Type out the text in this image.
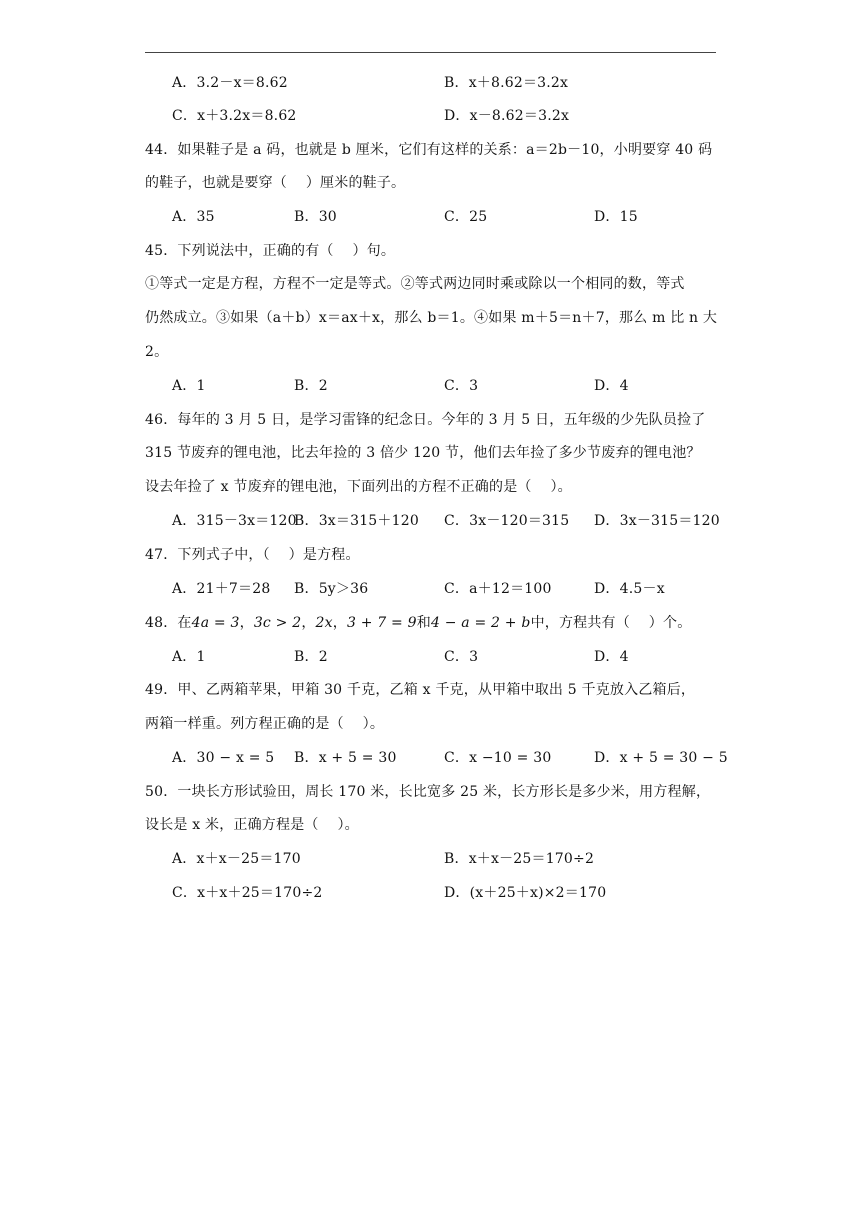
A．3.2－x＝8.62	B．x＋8.62＝3.2x
C．x＋3.2x＝8.62	D．x－8.62＝3.2x
44．如果鞋子是 a 码，也就是 b 厘米，它们有这样的关系：a＝2b－10，小明要穿 40 码
的鞋子，也就是要穿（　 ）厘米的鞋子。
A．35	B．30	C．25	D．15
45．下列说法中，正确的有（　 ）句。
①等式一定是方程，方程不一定是等式。②等式两边同时乘或除以一个相同的数，等式
仍然成立。③如果（a＋b）x＝ax＋x，那么 b＝1。④如果 m＋5＝n＋7，那么 m 比 n 大
2。
A．1	B．2	C．3	D．4
46．每年的 3 月 5 日，是学习雷锋的纪念日。今年的 3 月 5 日，五年级的少先队员捡了
315 节废弃的锂电池，比去年捡的 3 倍少 120 节，他们去年捡了多少节废弃的锂电池？
设去年捡了 x 节废弃的锂电池，下面列出的方程不正确的是（　 ）。
A．315－3x＝120
B．3x＝315＋120 C．3x－120＝315 D．3x－315＝120
47．下列式子中，（　 ）是方程。
A．21＋7＝28 B．5y＞36	C．a＋12＝100	D．4.5－x
48．在4a = 3，3c > 2，2x，3 + 7 = 9和4 − a = 2 + b中，方程共有（　 ）个。
A．1	B．2	C．3	D．4
49．甲、乙两箱苹果，甲箱 30 千克，乙箱 x 千克，从甲箱中取出 5 千克放入乙箱后，
两箱一样重。列方程正确的是（　 ）。
A．30 − x = 5 B．x + 5 = 30	C．x −10 = 30	D．x + 5 = 30 − 5
50．一块长方形试验田，周长 170 米，长比宽多 25 米，长方形长是多少米，用方程解，
设长是 x 米，正确方程是（　 ）。
A．x＋x－25＝170	B．x＋x－25＝170÷2
C．x＋x＋25＝170÷2	D．(x＋25＋x)×2＝170
